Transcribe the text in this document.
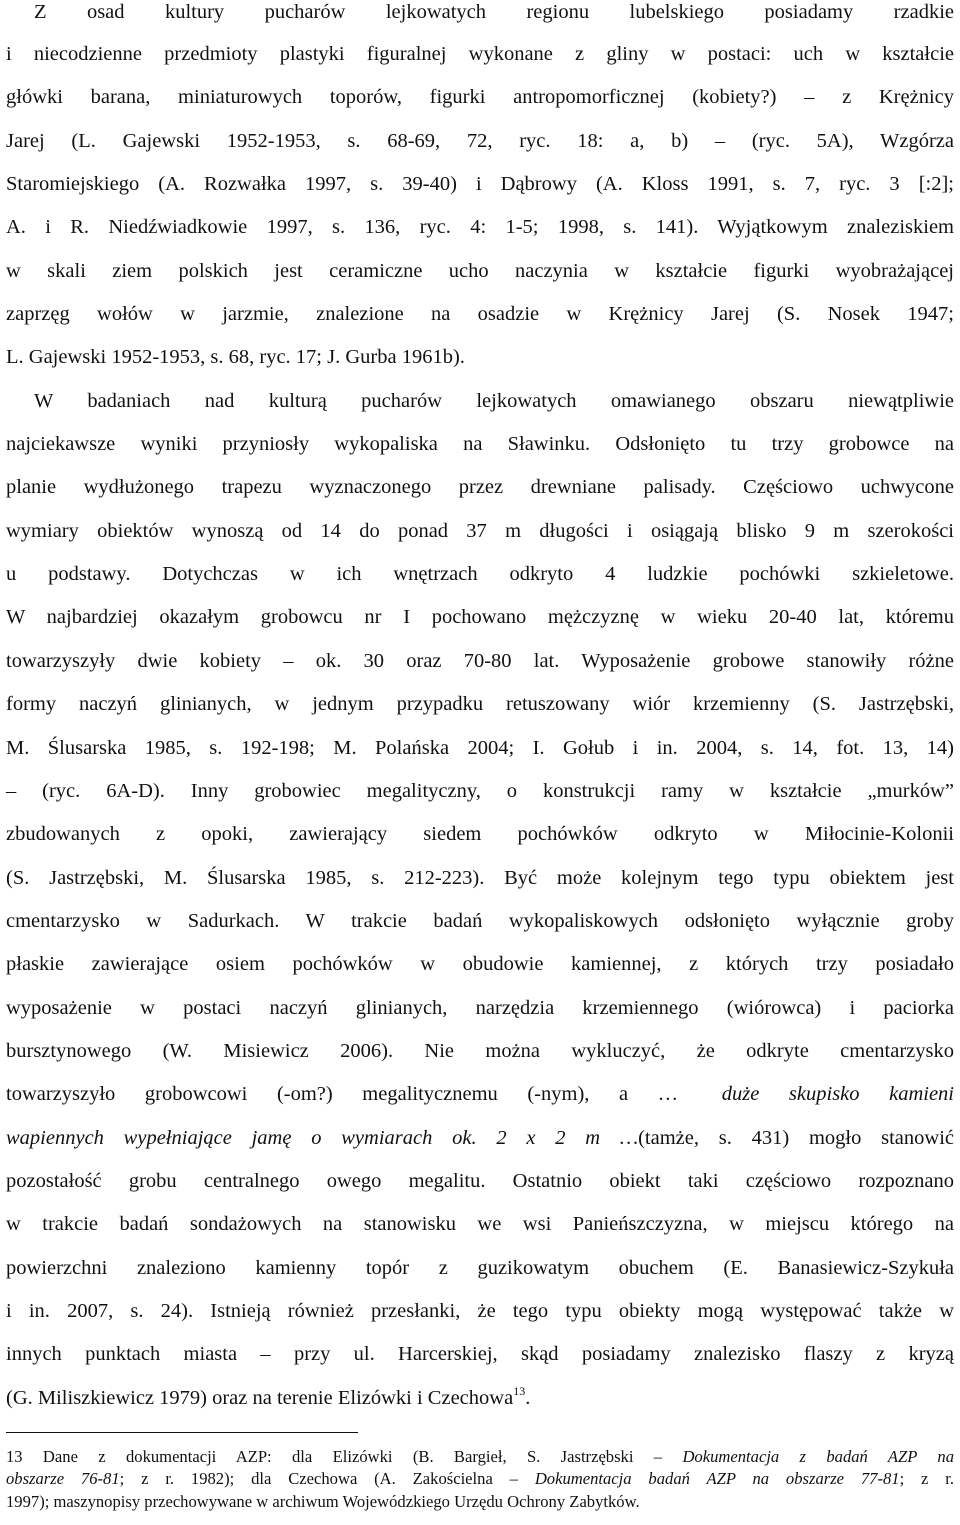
Z osad kultury pucharów lejkowatych regionu lubelskiego posiadamy rzadkie
i niecodzienne przedmioty plastyki figuralnej wykonane z gliny w postaci: uch w kształcie
główki barana, miniaturowych toporów, figurki antropomorficznej (kobiety?) – z Krężnicy
Jarej (L. Gajewski 1952-1953, s. 68-69, 72, ryc. 18: a, b) – (ryc. 5A), Wzgórza
Staromiejskiego (A. Rozwałka 1997, s. 39-40) i Dąbrowy (A. Kloss 1991, s. 7, ryc. 3 [:2];
A. i R. Niedźwiadkowie 1997, s. 136, ryc. 4: 1-5; 1998, s. 141). Wyjątkowym znaleziskiem
w skali ziem polskich jest ceramiczne ucho naczynia w kształcie figurki wyobrażającej
zaprzęg wołów w jarzmie, znalezione na osadzie w Krężnicy Jarej (S. Nosek 1947;
L. Gajewski 1952-1953, s. 68, ryc. 17; J. Gurba 1961b).
W badaniach nad kulturą pucharów lejkowatych omawianego obszaru niewątpliwie
najciekawsze wyniki przyniosły wykopaliska na Sławinku. Odsłonięto tu trzy grobowce na
planie wydłużonego trapezu wyznaczonego przez drewniane palisady. Częściowo uchwycone
wymiary obiektów wynoszą od 14 do ponad 37 m długości i osiągają blisko 9 m szerokości
u podstawy. Dotychczas w ich wnętrzach odkryto 4 ludzkie pochówki szkieletowe.
W najbardziej okazałym grobowcu nr I pochowano mężczyznę w wieku 20-40 lat, któremu
towarzyszyły dwie kobiety – ok. 30 oraz 70-80 lat. Wyposażenie grobowe stanowiły różne
formy naczyń glinianych, w jednym przypadku retuszowany wiór krzemienny (S. Jastrzębski,
M. Ślusarska 1985, s. 192-198; M. Polańska 2004; I. Gołub i in. 2004, s. 14, fot. 13, 14)
– (ryc. 6A-D). Inny grobowiec megalityczny, o konstrukcji ramy w kształcie „murków”
zbudowanych z opoki, zawierający siedem pochówków odkryto w Miłocinie-Kolonii
(S. Jastrzębski, M. Ślusarska 1985, s. 212-223). Być może kolejnym tego typu obiektem jest
cmentarzysko w Sadurkach. W trakcie badań wykopaliskowych odsłonięto wyłącznie groby
płaskie zawierające osiem pochówków w obudowie kamiennej, z których trzy posiadało
wyposażenie w postaci naczyń glinianych, narzędzia krzemiennego (wiórowca) i paciorka
bursztynowego (W. Misiewicz 2006). Nie można wykluczyć, że odkryte cmentarzysko
towarzyszyło grobowcowi (-om?) megalitycznemu (-nym), a … duże skupisko kamieni
wapiennych wypełniające jamę o wymiarach ok. 2 x 2 m …(tamże, s. 431) mogło stanowić
pozostałość grobu centralnego owego megalitu. Ostatnio obiekt taki częściowo rozpoznano
w trakcie badań sondażowych na stanowisku we wsi Panieńszczyzna, w miejscu którego na
powierzchni znaleziono kamienny topór z guzikowatym obuchem (E. Banasiewicz-Szykuła
i in. 2007, s. 24). Istnieją również przesłanki, że tego typu obiekty mogą występować także w
innych punktach miasta – przy ul. Harcerskiej, skąd posiadamy znalezisko flaszy z kryzą
(G. Miliszkiewicz 1979) oraz na terenie Elizówki i Czechowa$^{13}$.
13 Dane z dokumentacji AZP: dla Elizówki (B. Bargieł, S. Jastrzębski – Dokumentacja z badań AZP na
obszarze 76-81; z r. 1982); dla Czechowa (A. Zakościelna – Dokumentacja badań AZP na obszarze 77-81; z r.
1997); maszynopisy przechowywane w archiwum Wojewódzkiego Urzędu Ochrony Zabytków.
